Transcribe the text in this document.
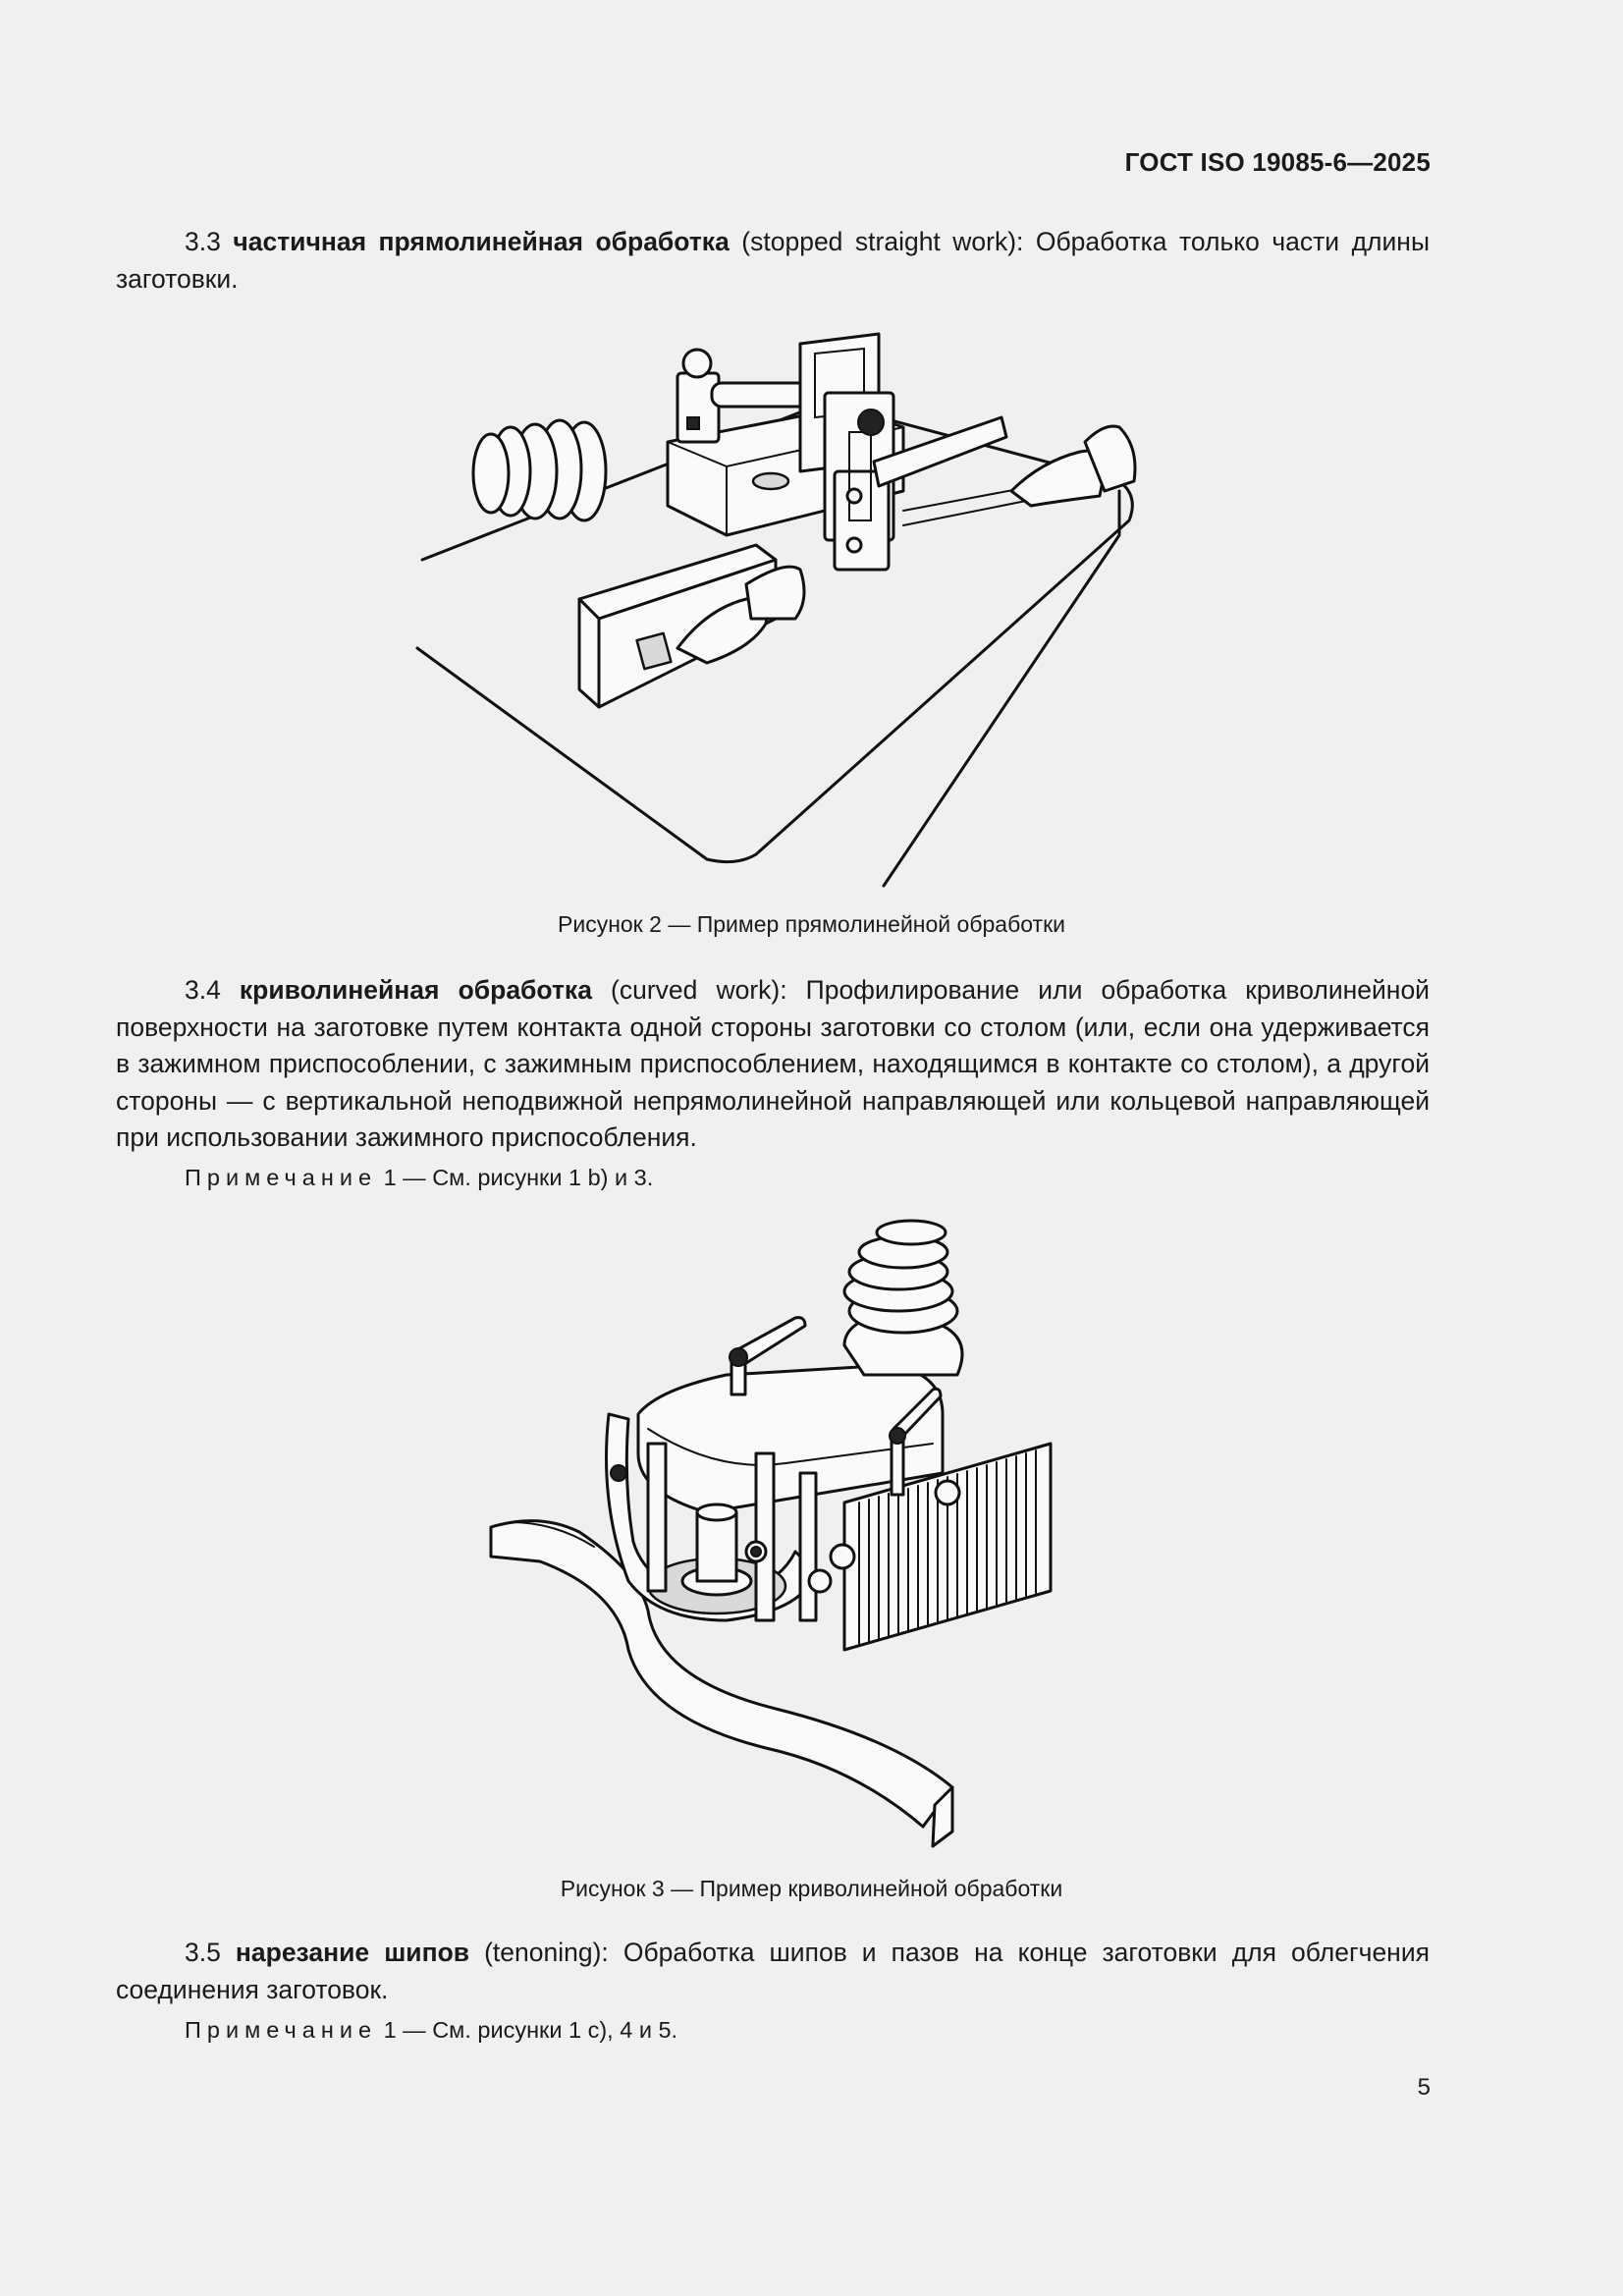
ГОСТ ISO 19085-6—2025
3.3 частичная прямолинейная обработка (stopped straight work): Обработка только части длины заготовки.
Рисунок 2 — Пример прямолинейной обработки
3.4 криволинейная обработка (curved work): Профилирование или обработка криволинейной поверхности на заготовке путем контакта одной стороны заготовки со столом (или, если она удерживается в зажимном приспособлении, с зажимным приспособлением, находящимся в контакте со столом), а другой стороны — с вертикальной неподвижной непрямолинейной направляющей или кольцевой направляющей при использовании зажимного приспособления.
Примечание 1 — См. рисунки 1 b) и 3.
Рисунок 3 — Пример криволинейной обработки
3.5 нарезание шипов (tenoning): Обработка шипов и пазов на конце заготовки для облегчения соединения заготовок.
Примечание 1 — См. рисунки 1 c), 4 и 5.
5
